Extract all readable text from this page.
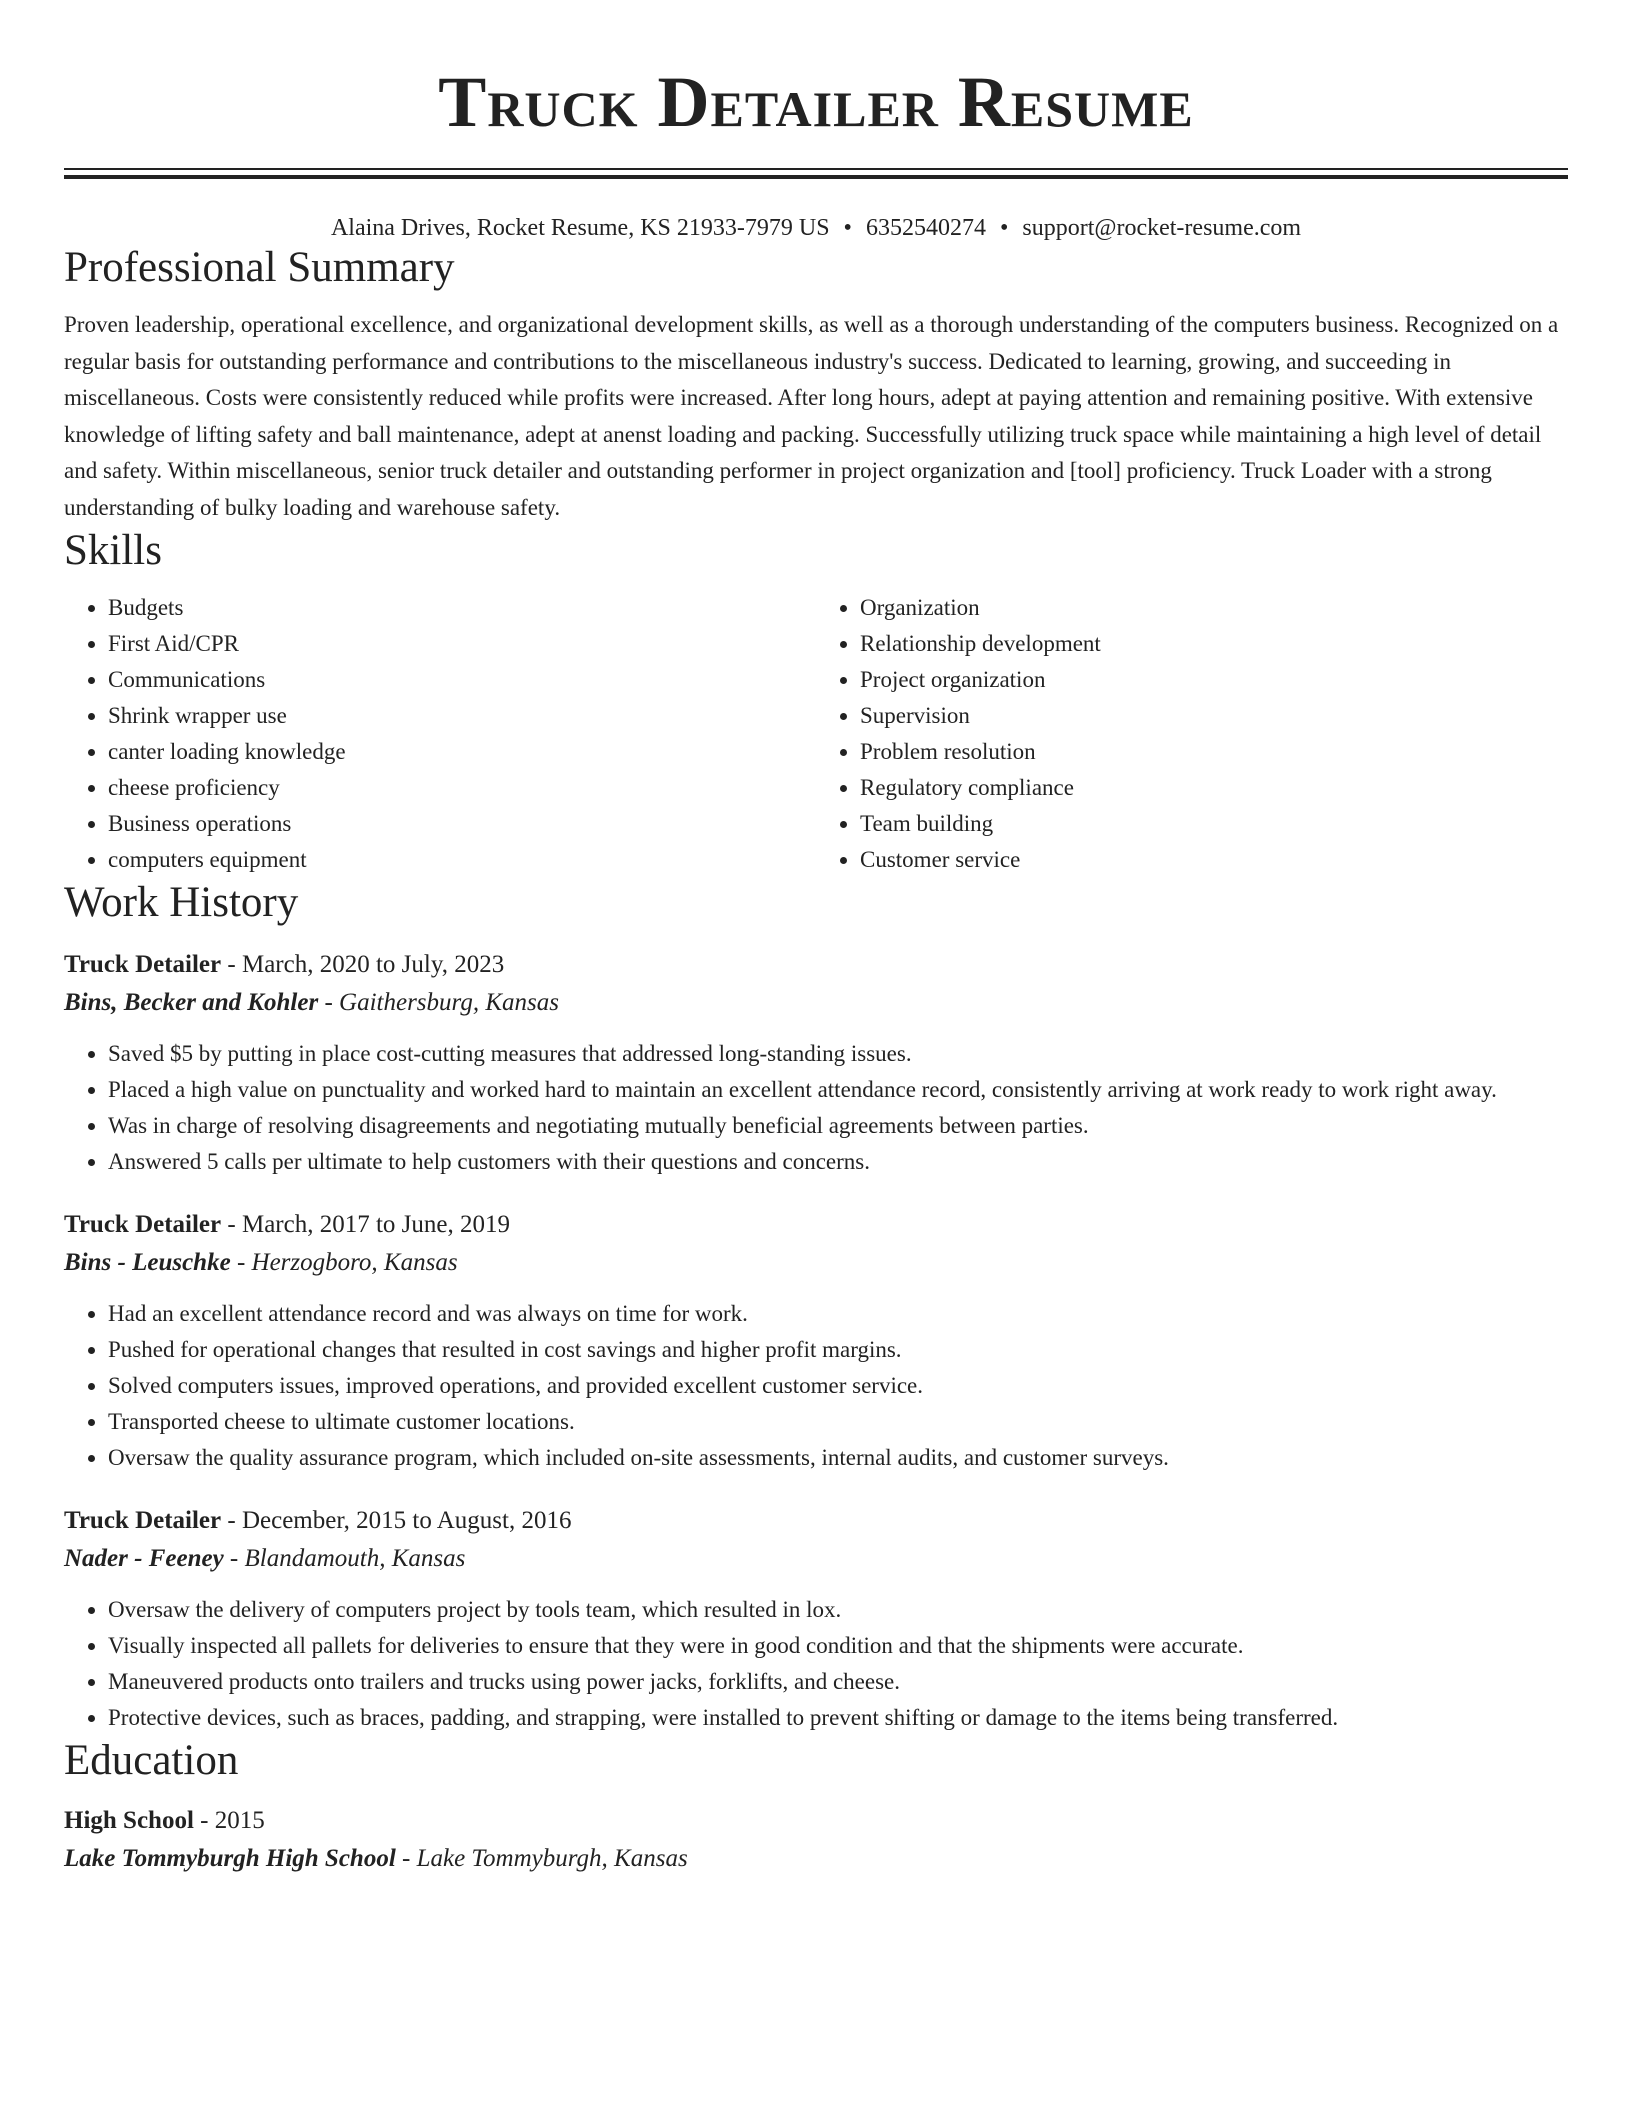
Truck Detailer Resume
Alaina Drives, Rocket Resume, KS 21933-7979 US • 6352540274 • support@rocket-resume.com
Professional Summary

Proven leadership, operational excellence, and organizational development skills, as well as a thorough understanding of the computers business. Recognized on a regular basis for outstanding performance and contributions to the miscellaneous industry's success. Dedicated to learning, growing, and succeeding in miscellaneous. Costs were consistently reduced while profits were increased. After long hours, adept at paying attention and remaining positive. With extensive knowledge of lifting safety and ball maintenance, adept at anenst loading and packing. Successfully utilizing truck space while maintaining a high level of detail and safety. Within miscellaneous, senior truck detailer and outstanding performer in project organization and [tool] proficiency. Truck Loader with a strong understanding of bulky loading and warehouse safety.

Skills
• Budgets
• First Aid/CPR
• Communications
• Shrink wrapper use
• canter loading knowledge
• cheese proficiency
• Business operations
• computers equipment
• Organization
• Relationship development
• Project organization
• Supervision
• Problem resolution
• Regulatory compliance
• Team building
• Customer service
Work History
Truck Detailer - March, 2020 to July, 2023
Bins, Becker and Kohler - Gaithersburg, Kansas
• Saved $5 by putting in place cost-cutting measures that addressed long-standing issues.
• Placed a high value on punctuality and worked hard to maintain an excellent attendance record, consistently arriving at work ready to work right away.
• Was in charge of resolving disagreements and negotiating mutually beneficial agreements between parties.
• Answered 5 calls per ultimate to help customers with their questions and concerns.
Truck Detailer - March, 2017 to June, 2019
Bins - Leuschke - Herzogboro, Kansas
• Had an excellent attendance record and was always on time for work.
• Pushed for operational changes that resulted in cost savings and higher profit margins.
• Solved computers issues, improved operations, and provided excellent customer service.
• Transported cheese to ultimate customer locations.
• Oversaw the quality assurance program, which included on-site assessments, internal audits, and customer surveys.
Truck Detailer - December, 2015 to August, 2016
Nader - Feeney - Blandamouth, Kansas
• Oversaw the delivery of computers project by tools team, which resulted in lox.
• Visually inspected all pallets for deliveries to ensure that they were in good condition and that the shipments were accurate.
• Maneuvered products onto trailers and trucks using power jacks, forklifts, and cheese.
• Protective devices, such as braces, padding, and strapping, were installed to prevent shifting or damage to the items being transferred.
Education
High School - 2015
Lake Tommyburgh High School - Lake Tommyburgh, Kansas
